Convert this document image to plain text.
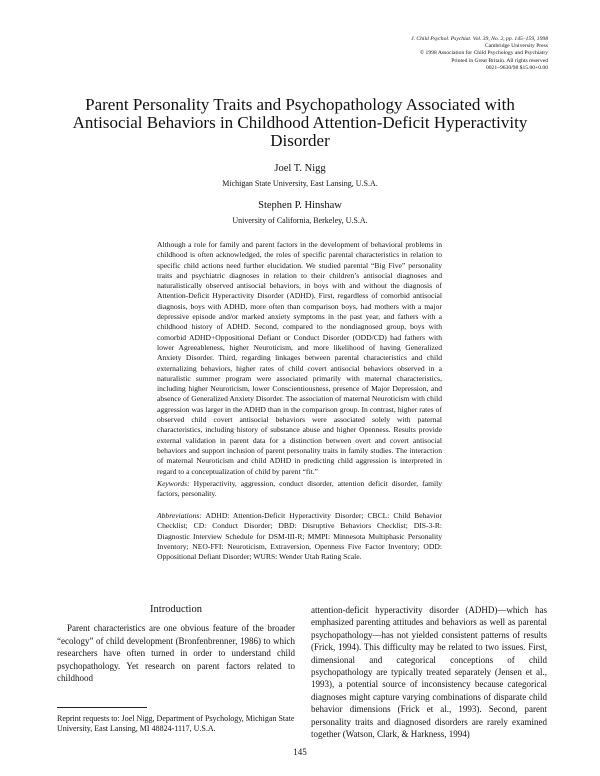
J. Child Psychol. Psychiat. Vol. 39, No. 2, pp. 145–159, 1998
Cambridge University Press
© 1998 Association for Child Psychology and Psychiatry
Printed in Great Britain. All rights reserved
0021–9630/98 $15.00+0.00
Parent Personality Traits and Psychopathology Associated with Antisocial Behaviors in Childhood Attention-Deficit Hyperactivity Disorder
Joel T. Nigg
Michigan State University, East Lansing, U.S.A.
Stephen P. Hinshaw
University of California, Berkeley, U.S.A.
Although a role for family and parent factors in the development of behavioral problems in childhood is often acknowledged, the roles of specific parental characteristics in relation to specific child actions need further elucidation. We studied parental “Big Five” personality traits and psychiatric diagnoses in relation to their children’s antisocial diagnoses and naturalistically observed antisocial behaviors, in boys with and without the diagnosis of Attention-Deficit Hyperactivity Disorder (ADHD). First, regardless of comorbid antisocial diagnosis, boys with ADHD, more often than comparison boys, had mothers with a major depressive episode and/or marked anxiety symptoms in the past year, and fathers with a childhood history of ADHD. Second, compared to the nondiagnosed group, boys with comorbid ADHD+Oppositional Defiant or Conduct Disorder (ODD/CD) had fathers with lower Agreeableness, higher Neuroticism, and more likelihood of having Generalized Anxiety Disorder. Third, regarding linkages between parental characteristics and child externalizing behaviors, higher rates of child covert antisocial behaviors observed in a naturalistic summer program were associated primarily with maternal characteristics, including higher Neuroticism, lower Conscientiousness, presence of Major Depression, and absence of Generalized Anxiety Disorder. The association of maternal Neuroticism with child aggression was larger in the ADHD than in the comparison group. In contrast, higher rates of observed child covert antisocial behaviors were associated solely with paternal characteristics, including history of substance abuse and higher Openness. Results provide external validation in parent data for a distinction between overt and covert antisocial behaviors and support inclusion of parent personality traits in family studies. The interaction of maternal Neuroticism and child ADHD in predicting child aggression is interpreted in regard to a conceptualization of child by parent “fit.”
Keywords: Hyperactivity, aggression, conduct disorder, attention deficit disorder, family factors, personality.
Abbreviations: ADHD: Attention-Deficit Hyperactivity Disorder; CBCL: Child Behavior Checklist; CD: Conduct Disorder; DBD: Disruptive Behaviors Checklist; DIS-3-R: Diagnostic Interview Schedule for DSM-III-R; MMPI: Minnesota Multiphasic Personality Inventory; NEO-FFI: Neuroticism, Extraversion, Openness Five Factor Inventory; ODD: Oppositional Defiant Disorder; WURS: Wender Utah Rating Scale.
Introduction

Parent characteristics are one obvious feature of the broader “ecology” of child development (Bronfenbrenner, 1986) to which researchers have often turned in order to understand child psychopathology. Yet research on parent factors related to childhood

attention-deficit hyperactivity disorder (ADHD)—which has emphasized parenting attitudes and behaviors as well as parental psychopathology—has not yielded consistent patterns of results (Frick, 1994). This difficulty may be related to two issues. First, dimensional and categorical conceptions of child psychopathology are typically treated separately (Jensen et al., 1993), a potential source of inconsistency because categorical diagnoses might capture varying combinations of disparate child behavior dimensions (Frick et al., 1993). Second, parent personality traits and diagnosed disorders are rarely examined together (Watson, Clark, & Harkness, 1994)

Reprint requests to: Joel Nigg, Department of Psychology, Michigan State University, East Lansing, MI 48824-1117, U.S.A.
145
